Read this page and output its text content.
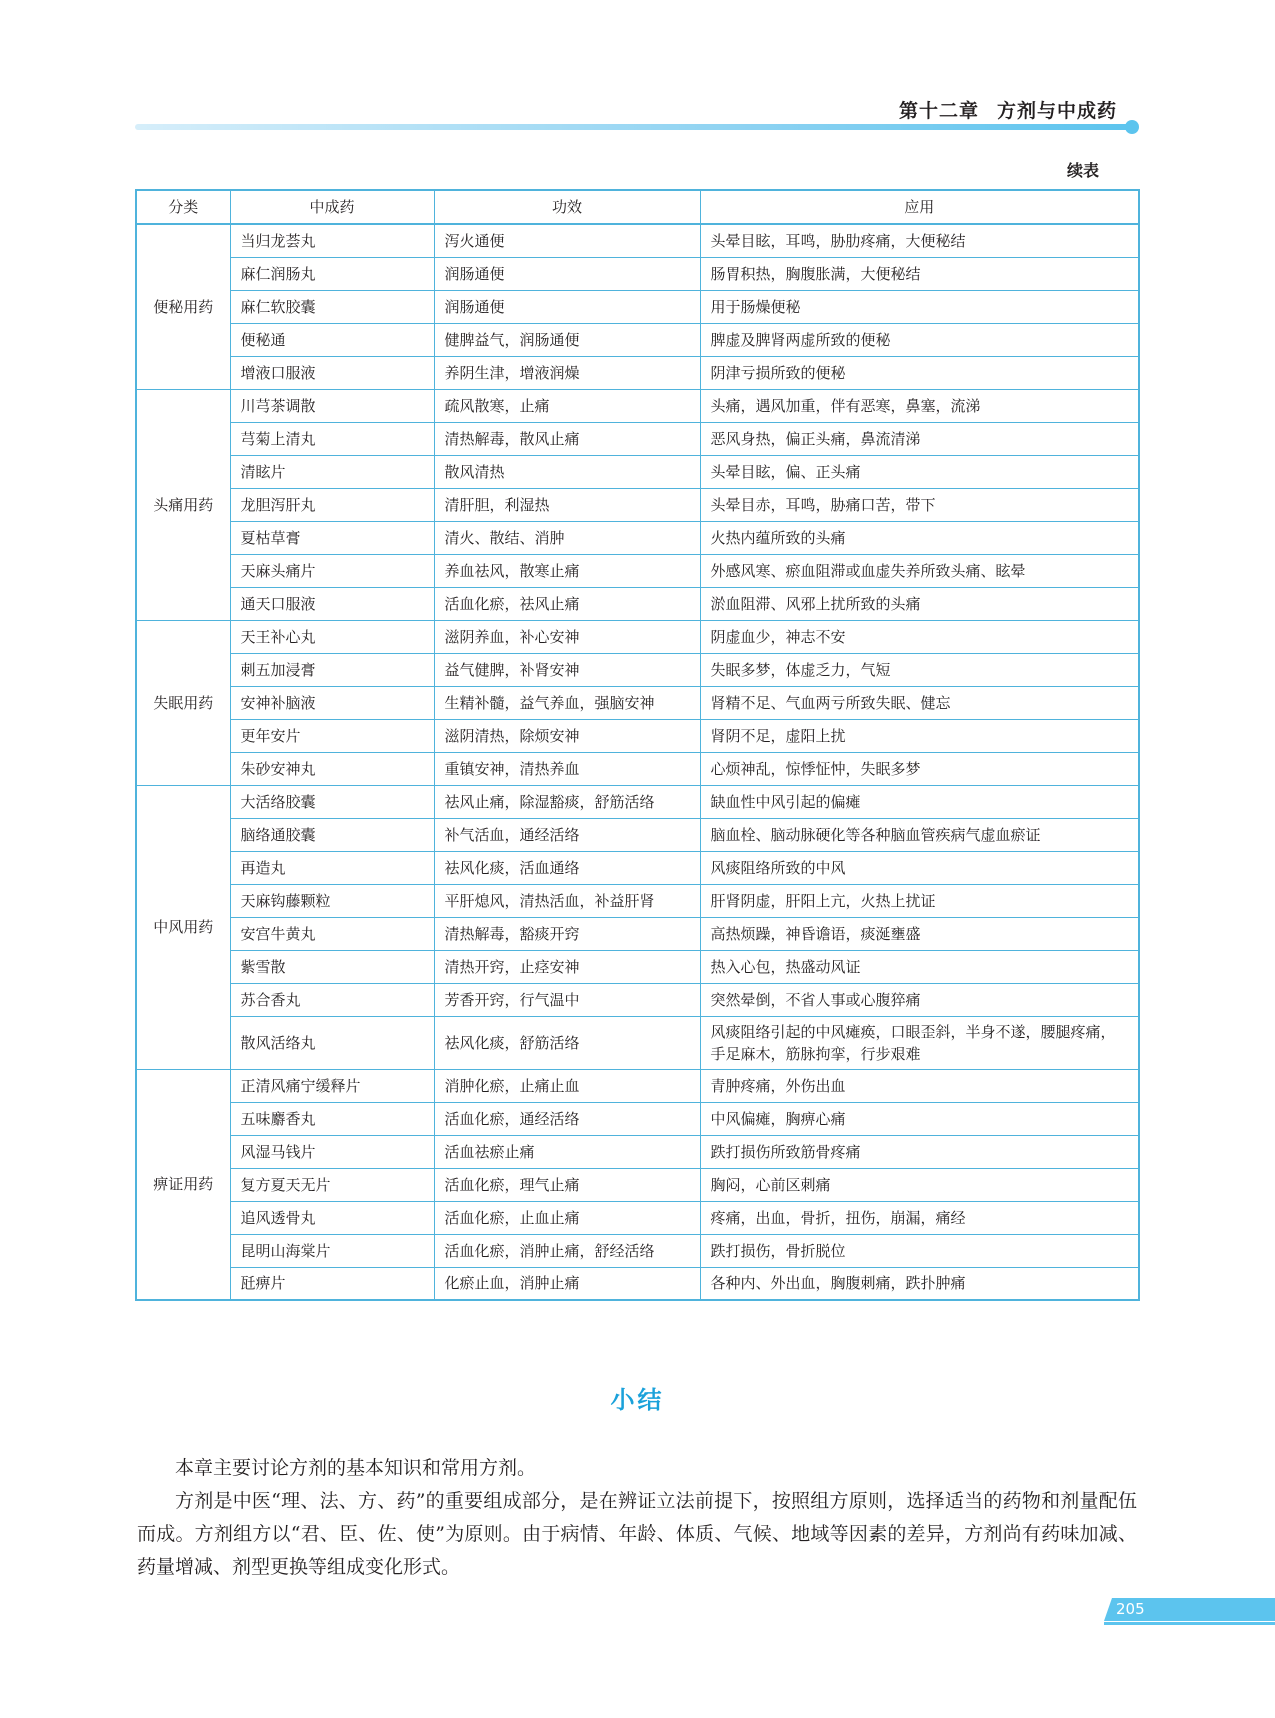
第十二章 方剂与中成药
续表
分类	中成药	功效	应用
便秘用药	当归龙荟丸	泻火通便	头晕目眩，耳鸣，胁肋疼痛，大便秘结
	麻仁润肠丸	润肠通便	肠胃积热，胸腹胀满，大便秘结
	麻仁软胶囊	润肠通便	用于肠燥便秘
	便秘通	健脾益气，润肠通便	脾虚及脾肾两虚所致的便秘
	增液口服液	养阴生津，增液润燥	阴津亏损所致的便秘
头痛用药	川芎茶调散	疏风散寒，止痛	头痛，遇风加重，伴有恶寒，鼻塞，流涕
	芎菊上清丸	清热解毒，散风止痛	恶风身热，偏正头痛，鼻流清涕
	清眩片	散风清热	头晕目眩，偏、正头痛
	龙胆泻肝丸	清肝胆，利湿热	头晕目赤，耳鸣，胁痛口苦，带下
	夏枯草膏	清火、散结、消肿	火热内蕴所致的头痛
	天麻头痛片	养血祛风，散寒止痛	外感风寒、瘀血阻滞或血虚失养所致头痛、眩晕
	通天口服液	活血化瘀，祛风止痛	淤血阻滞、风邪上扰所致的头痛
失眠用药	天王补心丸	滋阴养血，补心安神	阴虚血少，神志不安
	刺五加浸膏	益气健脾，补肾安神	失眠多梦，体虚乏力，气短
	安神补脑液	生精补髓，益气养血，强脑安神	肾精不足、气血两亏所致失眠、健忘
	更年安片	滋阴清热，除烦安神	肾阴不足，虚阳上扰
	朱砂安神丸	重镇安神，清热养血	心烦神乱，惊悸怔忡，失眠多梦
中风用药	大活络胶囊	祛风止痛，除湿豁痰，舒筋活络	缺血性中风引起的偏瘫
	脑络通胶囊	补气活血，通经活络	脑血栓、脑动脉硬化等各种脑血管疾病气虚血瘀证
	再造丸	祛风化痰，活血通络	风痰阻络所致的中风
	天麻钩藤颗粒	平肝熄风，清热活血，补益肝肾	肝肾阴虚，肝阳上亢，火热上扰证
	安宫牛黄丸	清热解毒，豁痰开窍	高热烦躁，神昏谵语，痰涎壅盛
	紫雪散	清热开窍，止痉安神	热入心包，热盛动风证
	苏合香丸	芳香开窍，行气温中	突然晕倒，不省人事或心腹猝痛
	散风活络丸	祛风化痰，舒筋活络	风痰阻络引起的中风瘫痪，口眼歪斜，半身不遂，腰腿疼痛，手足麻木，筋脉拘挛，行步艰难
痹证用药	正清风痛宁缓释片	消肿化瘀，止痛止血	青肿疼痛，外伤出血
	五味麝香丸	活血化瘀，通经活络	中风偏瘫，胸痹心痛
	风湿马钱片	活血祛瘀止痛	跌打损伤所致筋骨疼痛
	复方夏天无片	活血化瘀，理气止痛	胸闷，心前区刺痛
	追风透骨丸	活血化瘀，止血止痛	疼痛，出血，骨折，扭伤，崩漏，痛经
	昆明山海棠片	活血化瘀，消肿止痛，舒经活络	跌打损伤，骨折脱位
	瓩痹片	化瘀止血，消肿止痛	各种内、外出血，胸腹刺痛，跌扑肿痛
小结

本章主要讨论方剂的基本知识和常用方剂。

方剂是中医“理、法、方、药”的重要组成部分，是在辨证立法前提下，按照组方原则，选择适当的药物和剂量配伍而成。方剂组方以“君、臣、佐、使”为原则。由于病情、年龄、体质、气候、地域等因素的差异，方剂尚有药味加减、药量增减、剂型更换等组成变化形式。

205
